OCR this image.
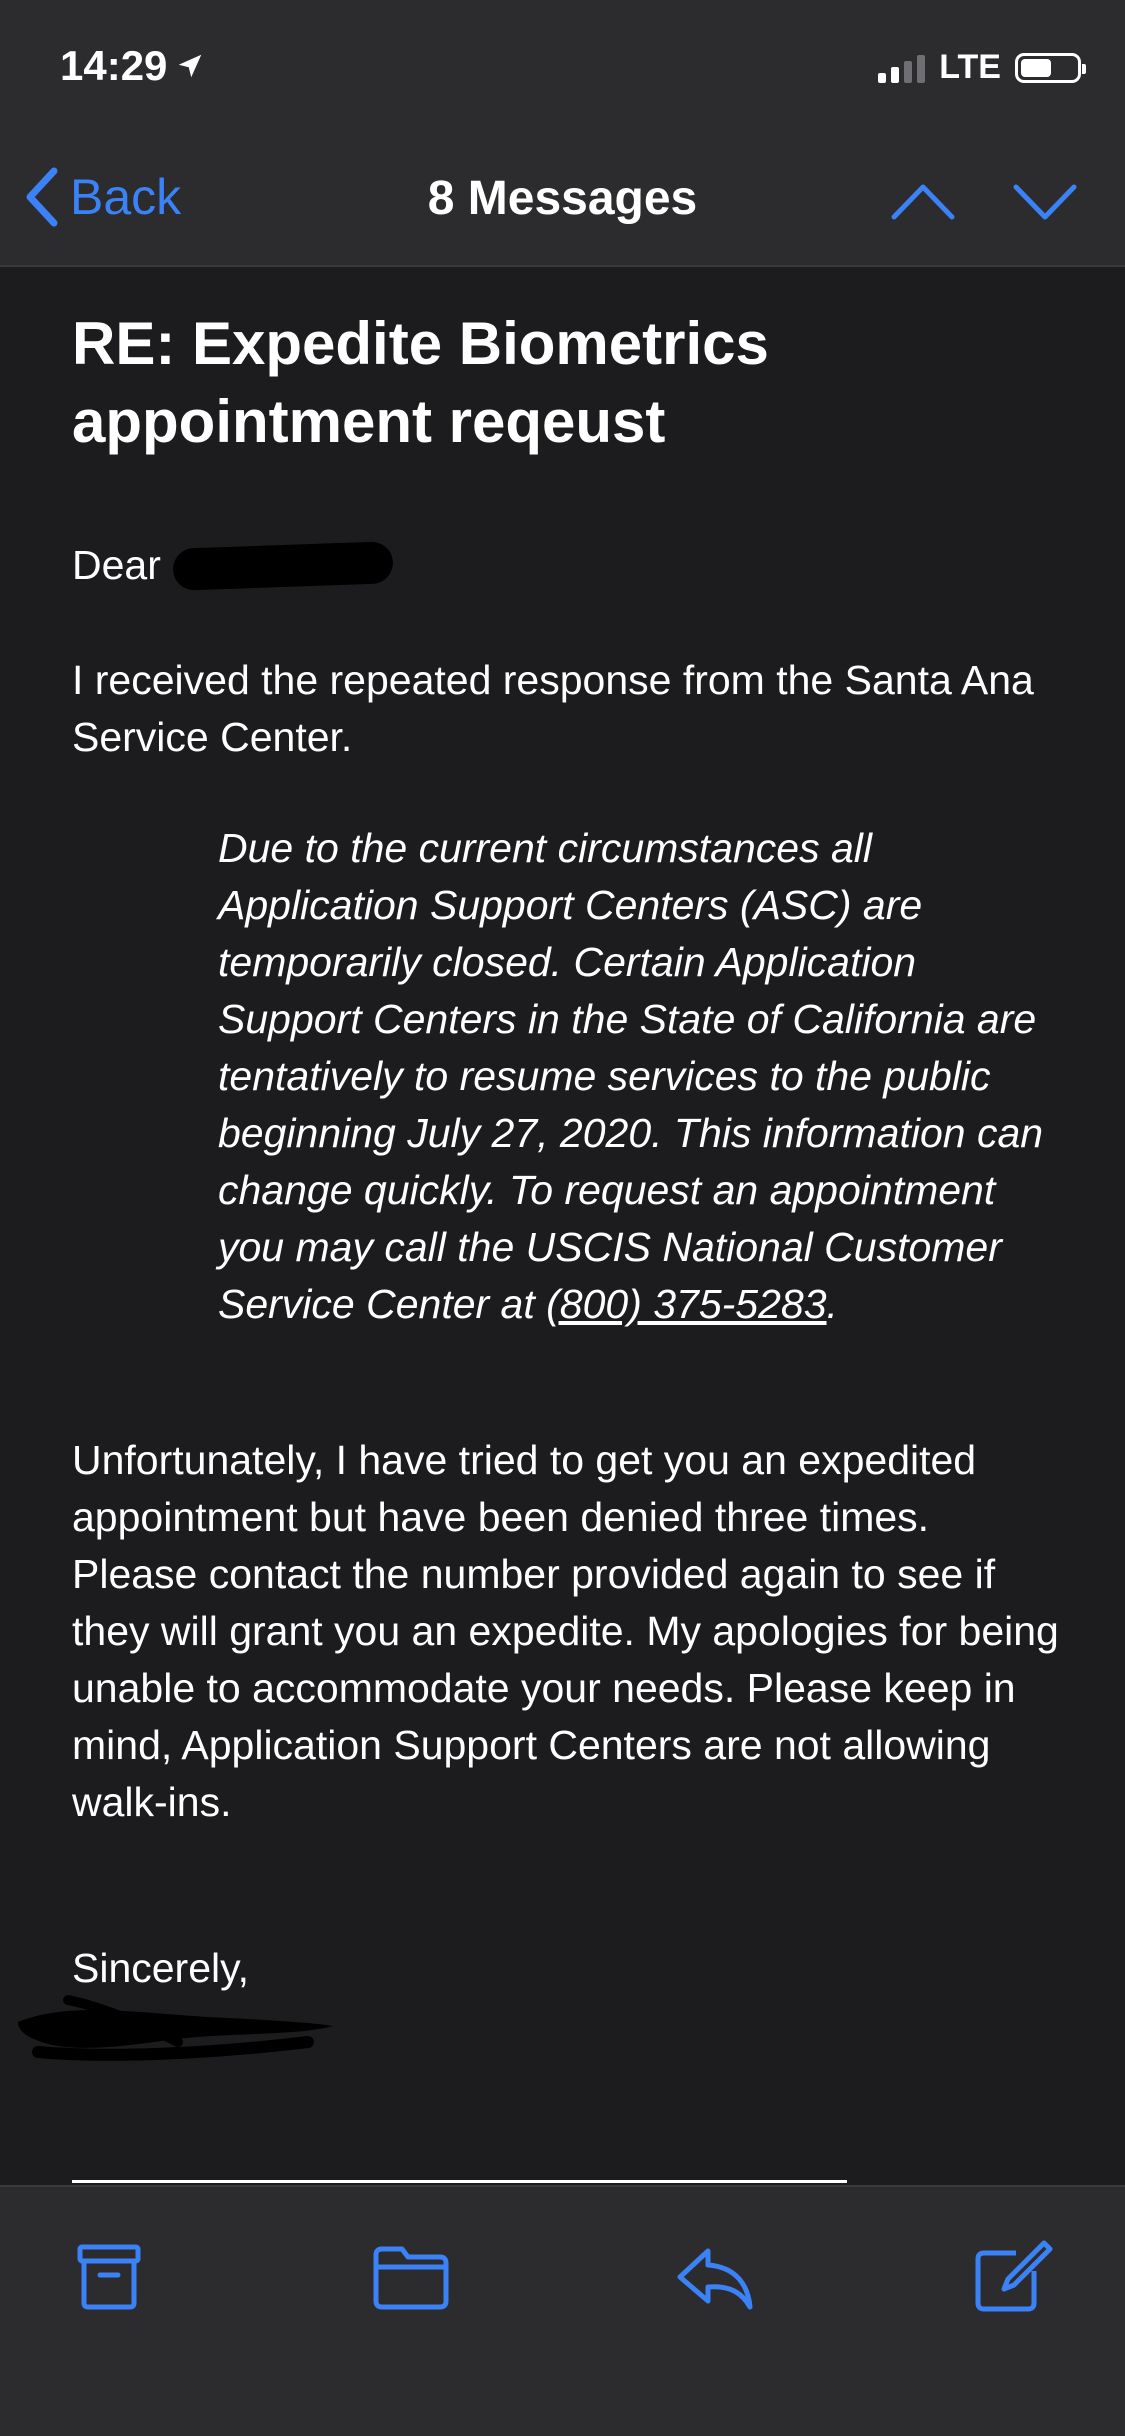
14:29	LTE
Back	8 Messages
RE: Expedite Biometrics appointment reqeust

Dear

I received the repeated response from the Santa Ana Service Center.

Due to the current circumstances all Application Support Centers (ASC) are temporarily closed. Certain Application Support Centers in the State of California are tentatively to resume services to the public beginning July 27, 2020. This information can change quickly. To request an appointment you may call the USCIS National Customer Service Center at (800) 375-5283.

Unfortunately, I have tried to get you an expedited appointment but have been denied three times. Please contact the number provided again to see if they will grant you an expedite. My apologies for being unable to accommodate your needs. Please keep in mind, Application Support Centers are not allowing walk-ins.

Sincerely,
